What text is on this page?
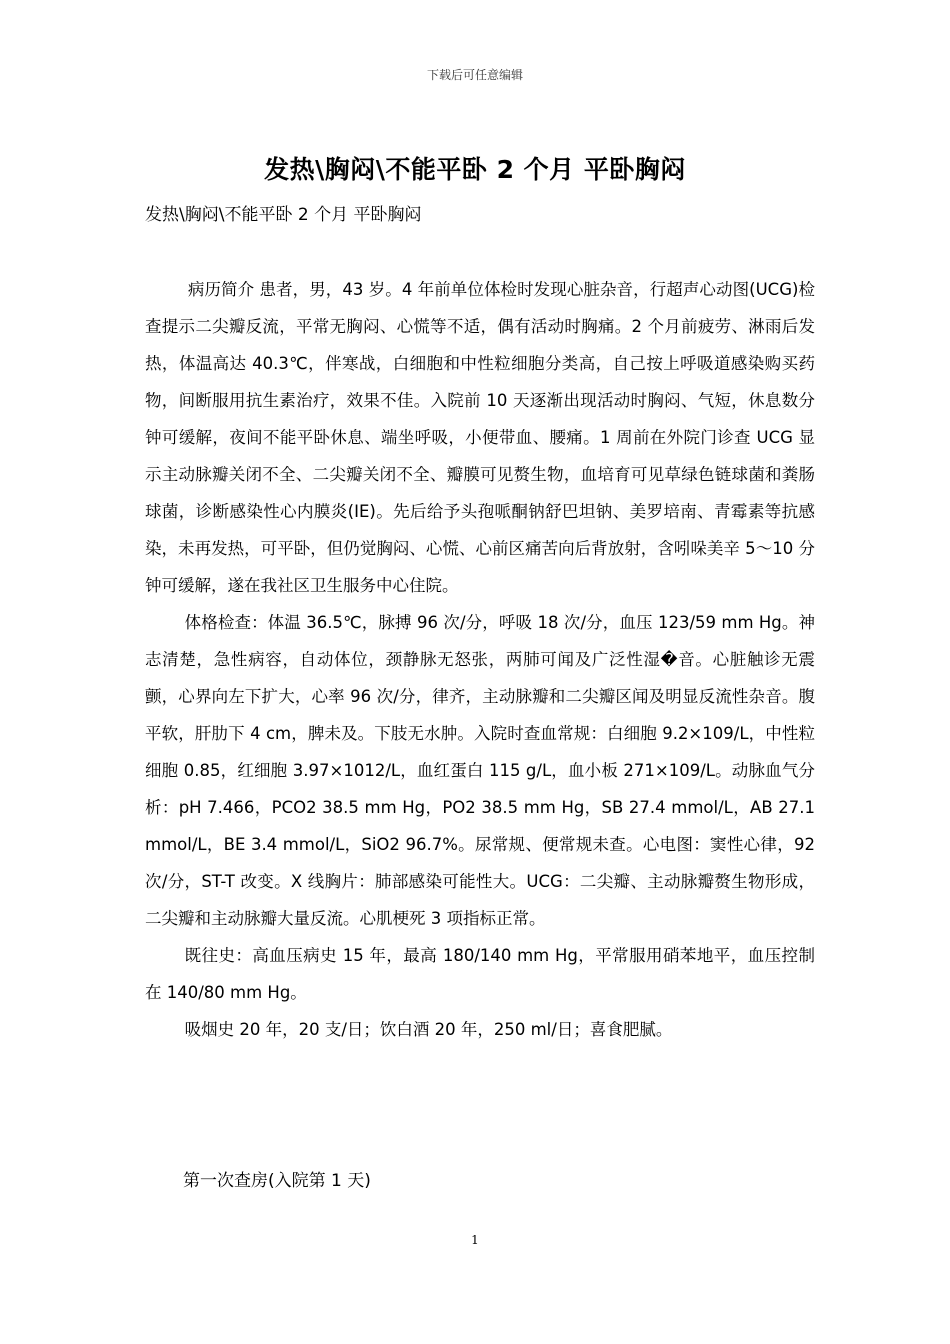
下载后可任意编辑
发热\胸闷\不能平卧 2 个月 平卧胸闷
发热\胸闷\不能平卧 2 个月 平卧胸闷

病历简介 患者，男，43 岁。4 年前单位体检时发现心脏杂音，行超声心动图(UCG)检查提示二尖瓣反流，平常无胸闷、心慌等不适，偶有活动时胸痛。2 个月前疲劳、淋雨后发热，体温高达 40.3℃，伴寒战，白细胞和中性粒细胞分类高，自己按上呼吸道感染购买药物，间断服用抗生素治疗，效果不佳。入院前 10 天逐渐出现活动时胸闷、气短，休息数分钟可缓解，夜间不能平卧休息、端坐呼吸，小便带血、腰痛。1 周前在外院门诊查 UCG 显示主动脉瓣关闭不全、二尖瓣关闭不全、瓣膜可见赘生物，血培育可见草绿色链球菌和粪肠球菌，诊断感染性心内膜炎(IE)。先后给予头孢哌酮钠舒巴坦钠、美罗培南、青霉素等抗感染，未再发热，可平卧，但仍觉胸闷、心慌、心前区痛苦向后背放射，含吲哚美辛 5～10 分钟可缓解，遂在我社区卫生服务中心住院。

体格检查：体温 36.5℃，脉搏 96 次/分，呼吸 18 次/分，血压 123/59 mm Hg。神志清楚，急性病容，自动体位，颈静脉无怒张，两肺可闻及广泛性湿�音。心脏触诊无震颤，心界向左下扩大，心率 96 次/分，律齐，主动脉瓣和二尖瓣区闻及明显反流性杂音。腹平软，肝肋下 4 cm，脾未及。下肢无水肿。入院时查血常规：白细胞 9.2×109/L，中性粒细胞 0.85，红细胞 3.97×1012/L，血红蛋白 115 g/L，血小板 271×109/L。动脉血气分析：pH 7.466，PCO2 38.5 mm Hg，PO2 38.5 mm Hg，SB 27.4 mmol/L，AB 27.1 mmol/L，BE 3.4 mmol/L，SiO2 96.7%。尿常规、便常规未查。心电图：窦性心律，92 次/分，ST-T 改变。X 线胸片：肺部感染可能性大。UCG：二尖瓣、主动脉瓣赘生物形成，二尖瓣和主动脉瓣大量反流。心肌梗死 3 项指标正常。

既往史：高血压病史 15 年，最高 180/140 mm Hg，平常服用硝苯地平，血压控制在 140/80 mm Hg。

吸烟史 20 年，20 支/日；饮白酒 20 年，250 ml/日；喜食肥腻。

第一次查房(入院第 1 天)
1
